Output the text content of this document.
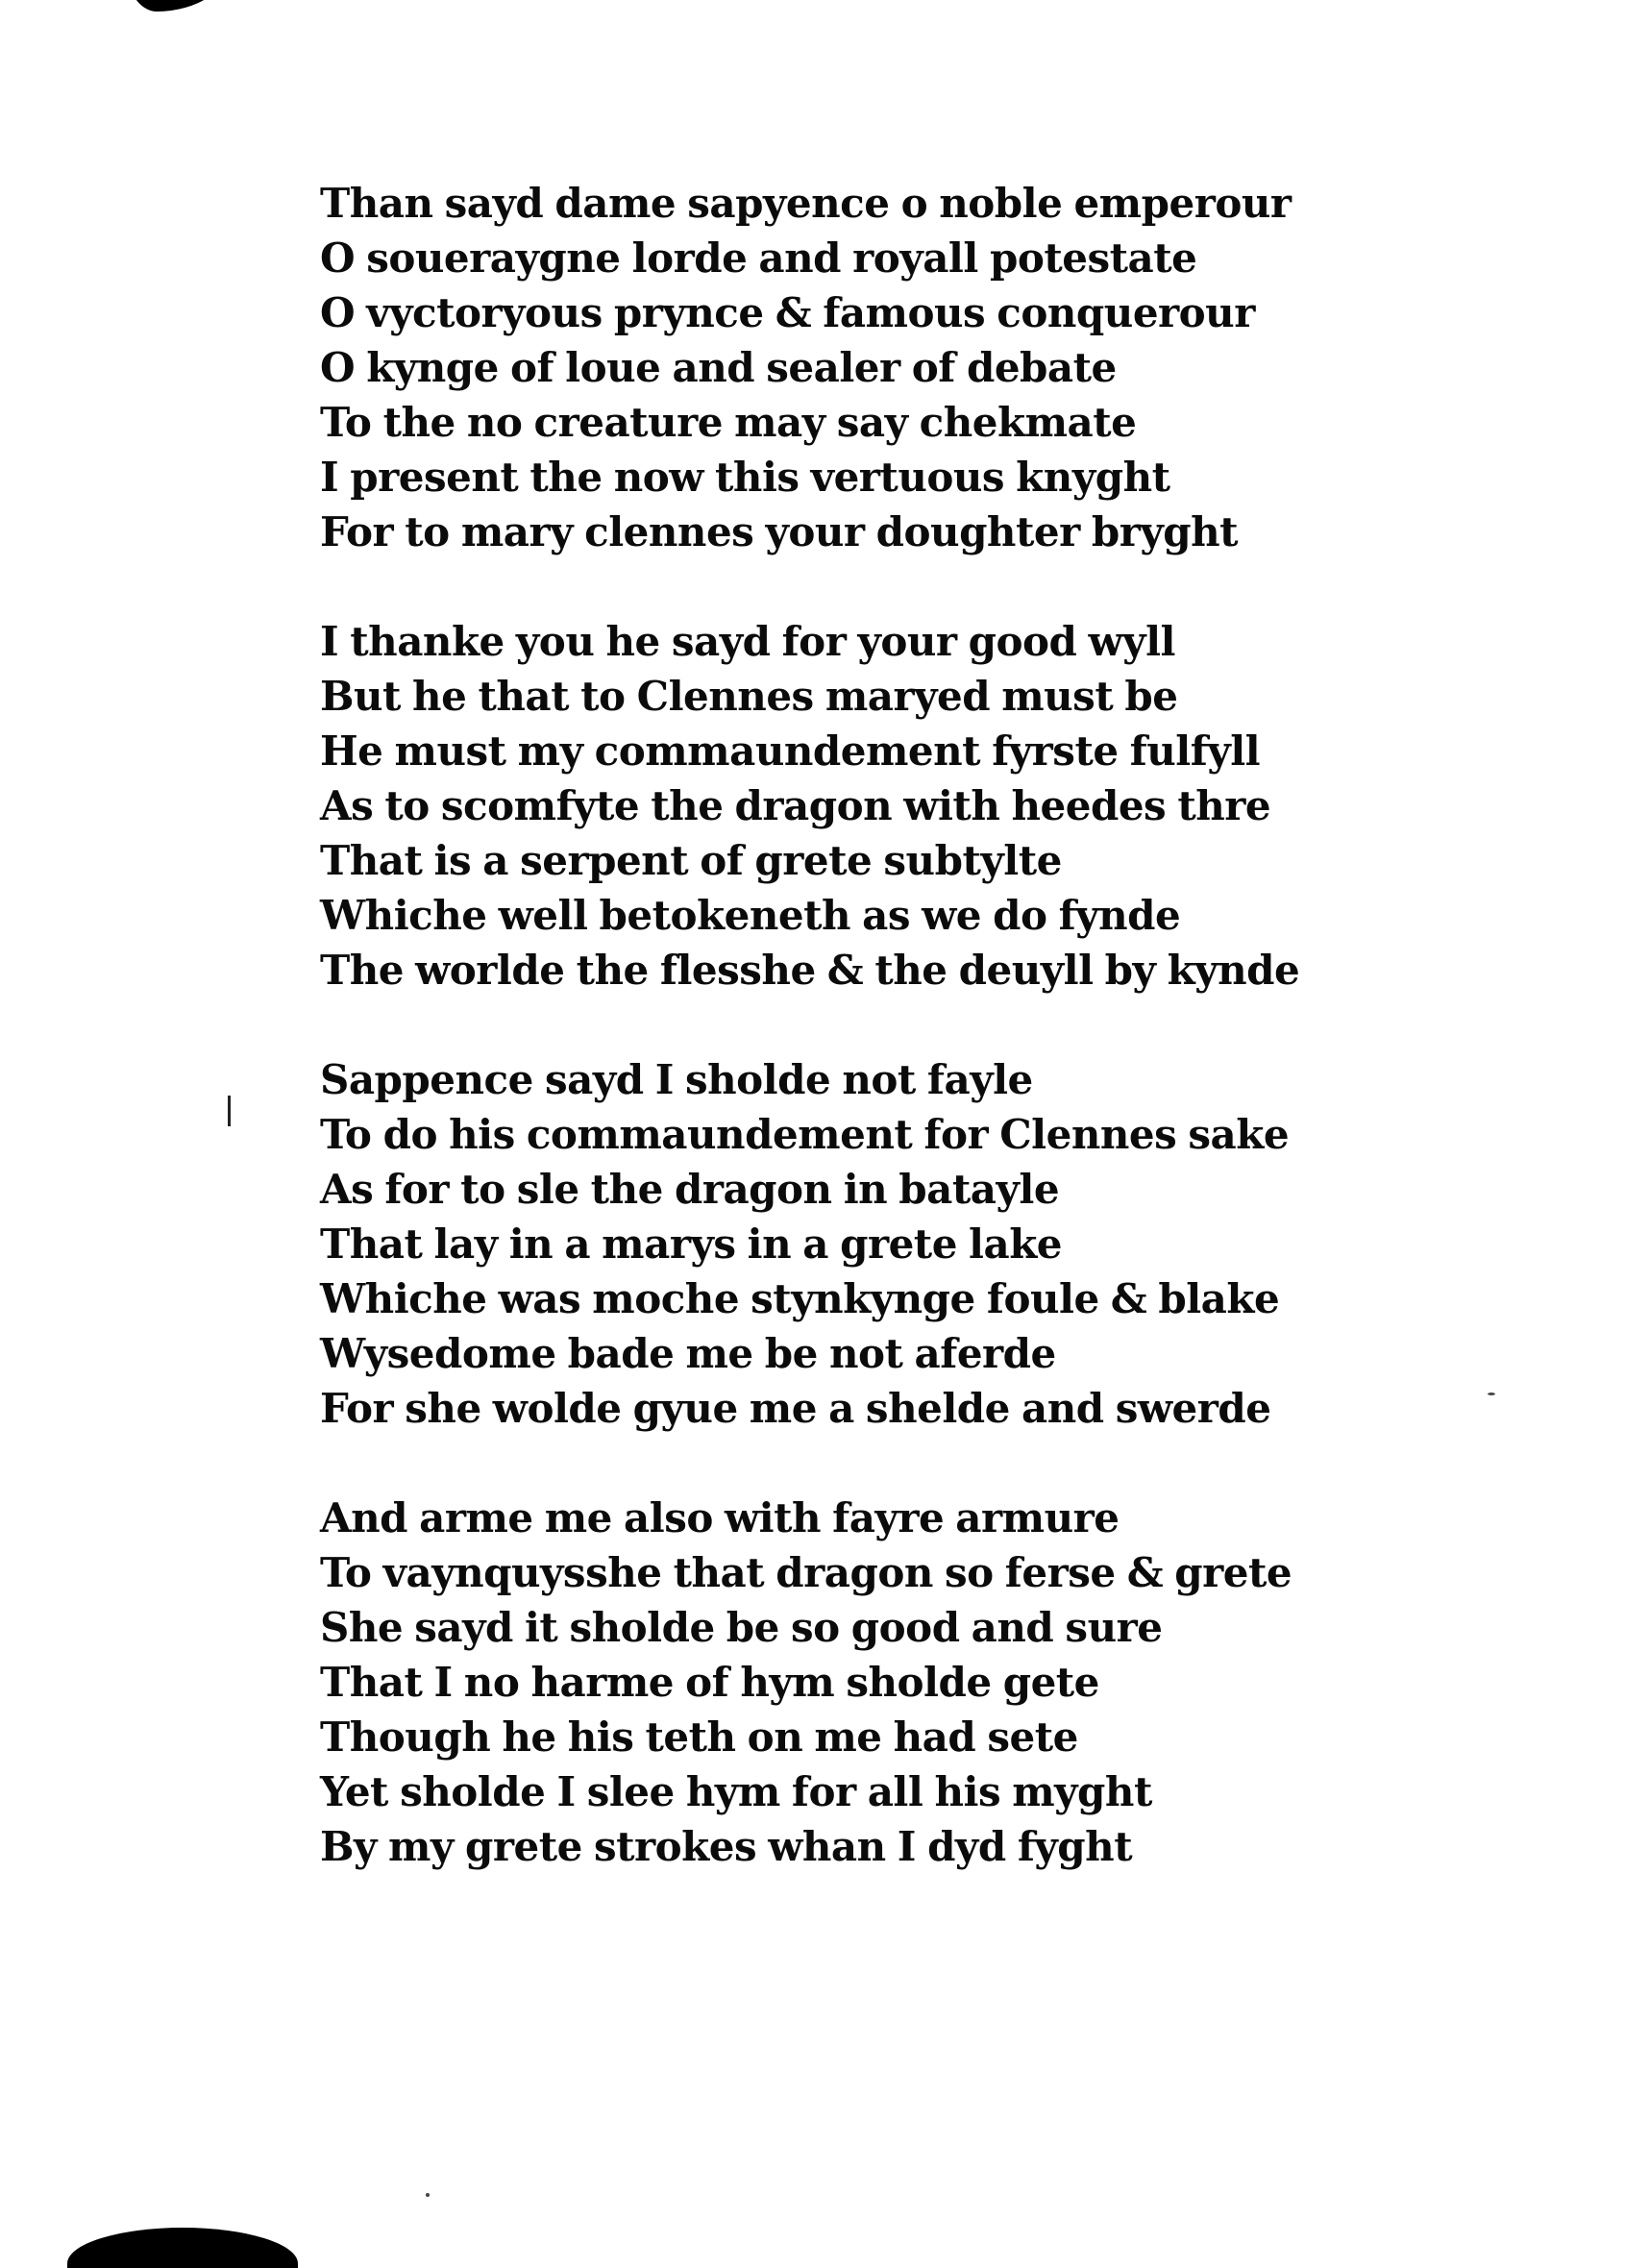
Than sayd dame sapyence o noble emperour
O soueraygne lorde and royall potestate
O vyctoryous prynce & famous conquerour
O kynge of loue and sealer of debate
To the no creature may say chekmate
I present the now this vertuous knyght
For to mary clennes your doughter bryght
I thanke you he sayd for your good wyll
But he that to Clennes maryed must be
He must my commaundement fyrste fulfyll
As to scomfyte the dragon with heedes thre
That is a serpent of grete subtylte
Whiche well betokeneth as we do fynde
The worlde the flesshe & the deuyll by kynde
Sappence sayd I sholde not fayle
To do his commaundement for Clennes sake
As for to sle the dragon in batayle
That lay in a marys in a grete lake
Whiche was moche stynkynge foule & blake
Wysedome bade me be not aferde
For she wolde gyue me a shelde and swerde
And arme me also with fayre armure
To vaynquysshe that dragon so ferse & grete
She sayd it sholde be so good and sure
That I no harme of hym sholde gete
Though he his teth on me had sete
Yet sholde I slee hym for all his myght
By my grete strokes whan I dyd fyght
